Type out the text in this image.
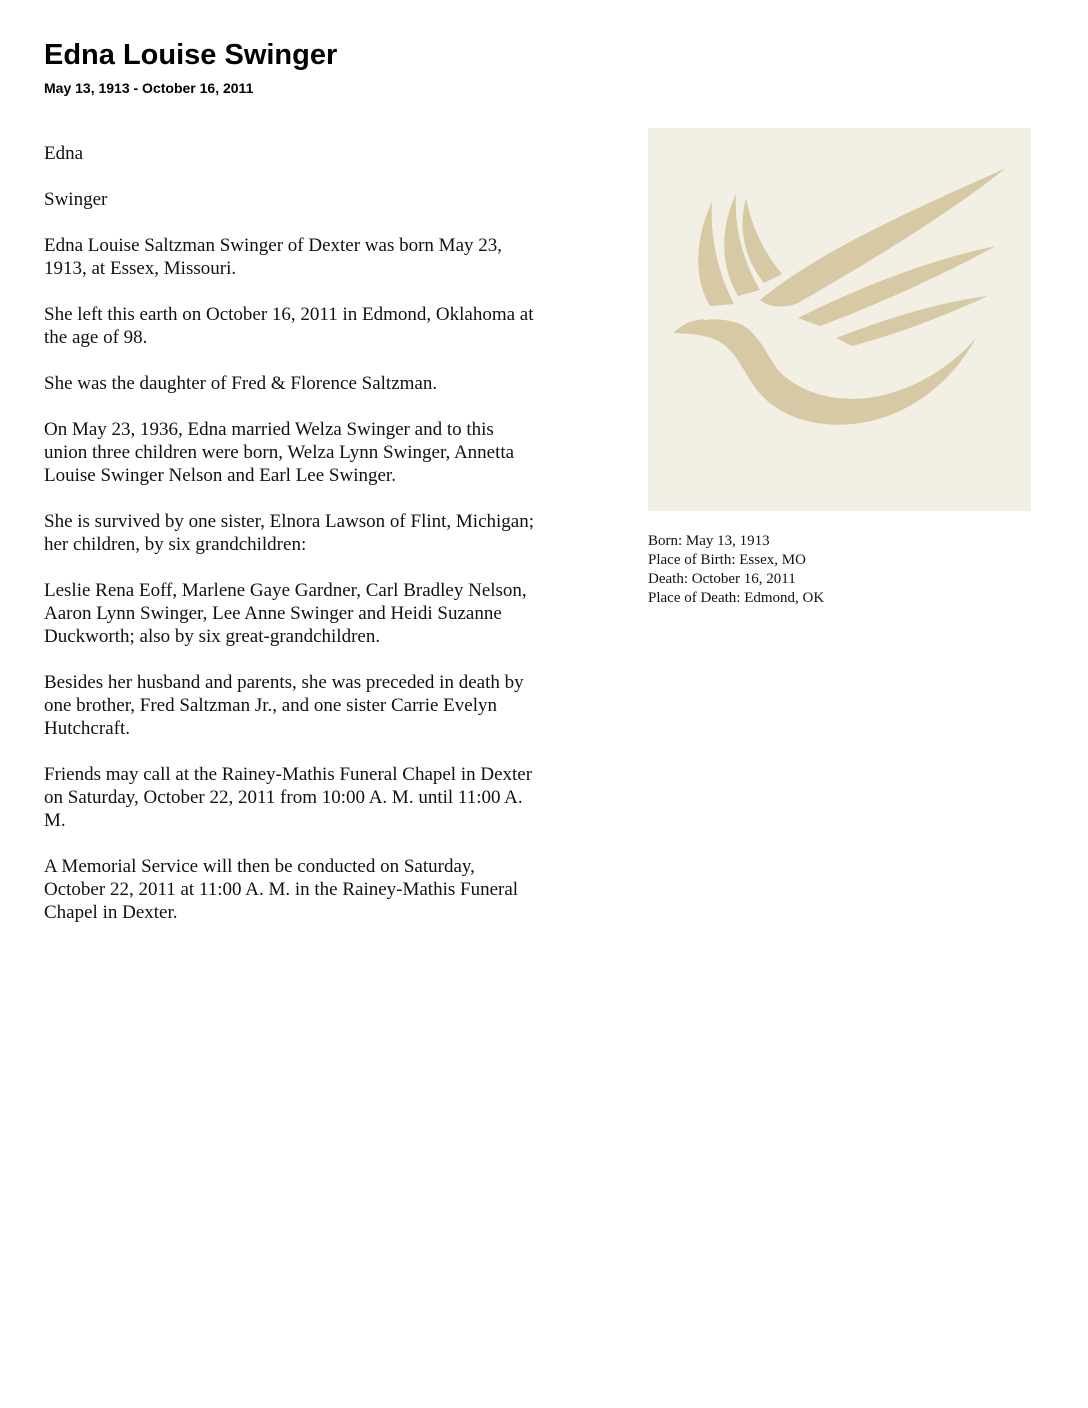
Edna Louise Swinger
May 13, 1913 - October 16, 2011

Edna

Swinger

Edna Louise Saltzman Swinger of Dexter was born May 23,
1913, at Essex, Missouri.

She left this earth on October 16, 2011 in Edmond, Oklahoma at
the age of 98.

She was the daughter of Fred & Florence Saltzman.

On May 23, 1936, Edna married Welza Swinger and to this
union three children were born, Welza Lynn Swinger, Annetta
Louise Swinger Nelson and Earl Lee Swinger.

She is survived by one sister, Elnora Lawson of Flint, Michigan;
her children, by six grandchildren:

Leslie Rena Eoff, Marlene Gaye Gardner, Carl Bradley Nelson,
Aaron Lynn Swinger, Lee Anne Swinger and Heidi Suzanne
Duckworth; also by six great-grandchildren.

Besides her husband and parents, she was preceded in death by
one brother, Fred Saltzman Jr., and one sister Carrie Evelyn
Hutchcraft.

Friends may call at the Rainey-Mathis Funeral Chapel in Dexter
on Saturday, October 22, 2011 from 10:00 A. M. until 11:00 A.
M.

A Memorial Service will then be conducted on Saturday,
October 22, 2011 at 11:00 A. M. in the Rainey-Mathis Funeral
Chapel in Dexter.

Born: May 13, 1913
Place of Birth: Essex, MO
Death: October 16, 2011
Place of Death: Edmond, OK
